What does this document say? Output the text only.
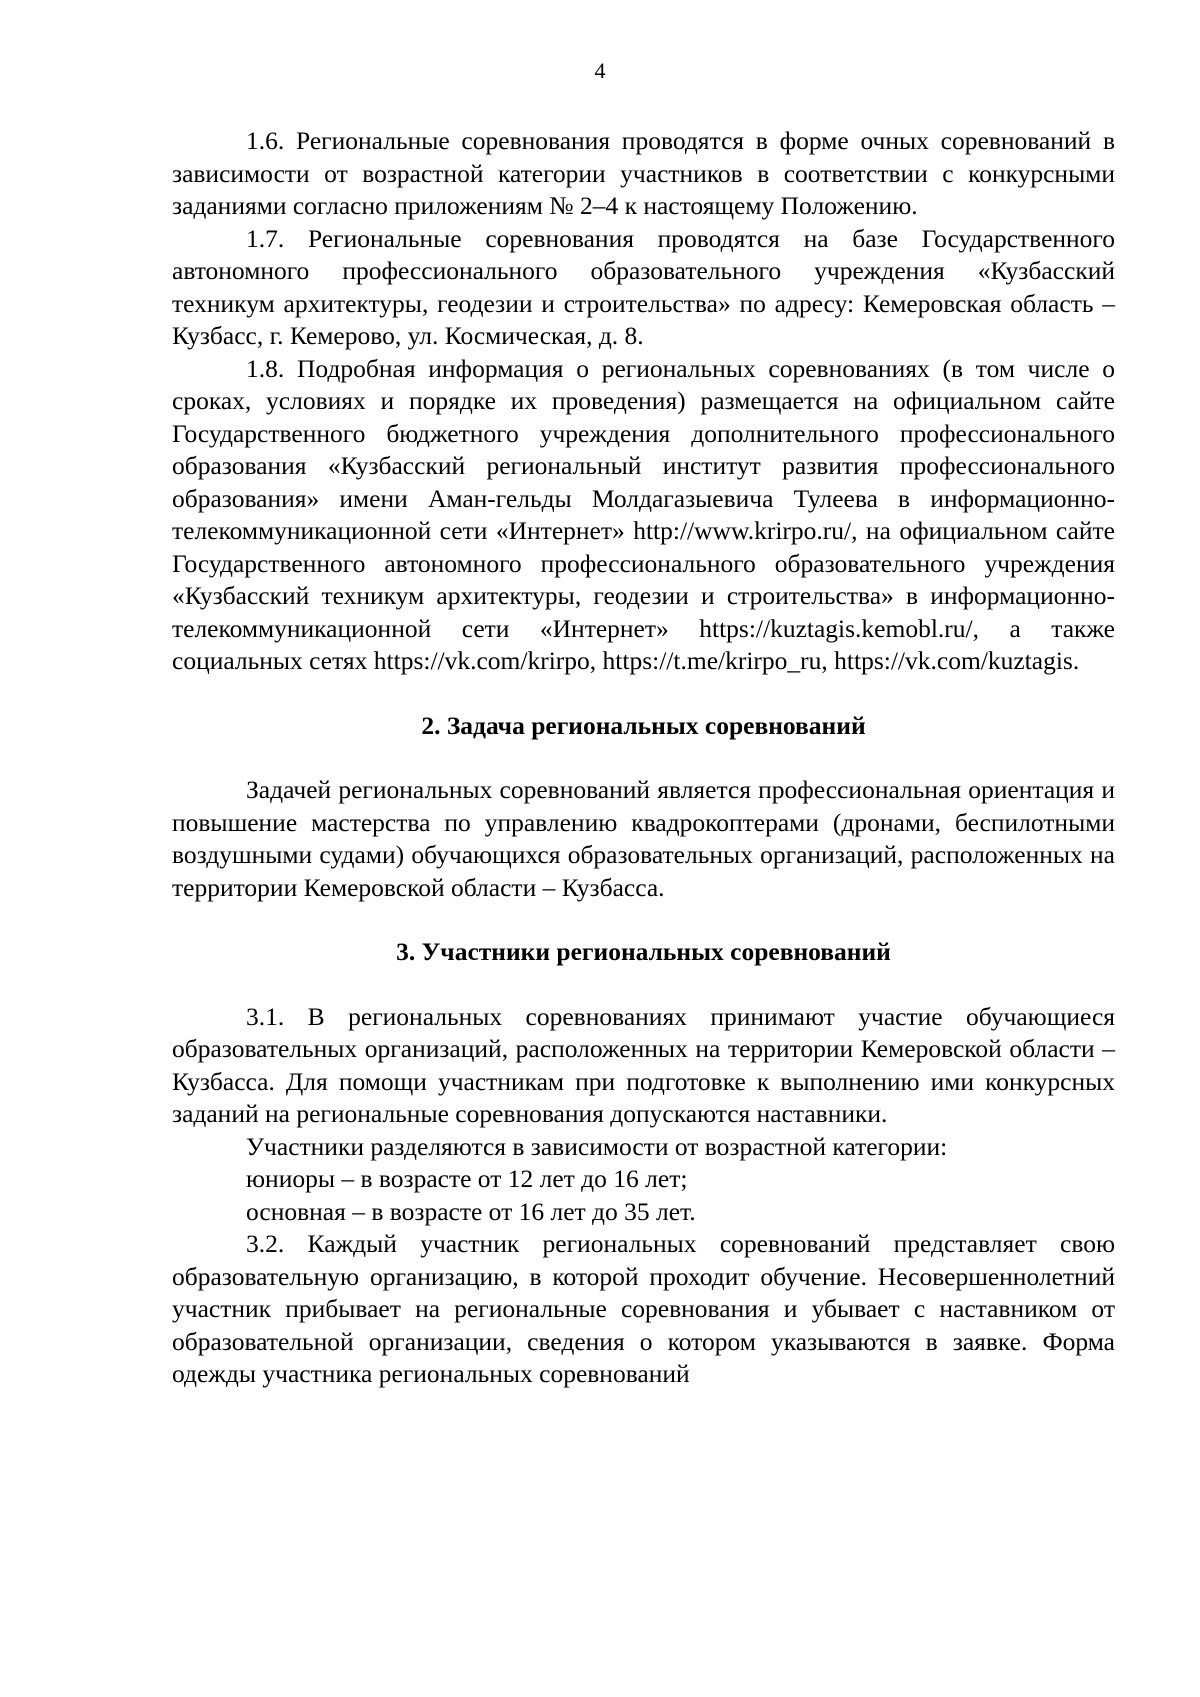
4

1.6. Региональные соревнования проводятся в форме очных соревнований в зависимости от возрастной категории участников в соответствии с конкурсными заданиями согласно приложениям № 2–4 к настоящему Положению.

1.7. Региональные соревнования проводятся на базе Государственного автономного профессионального образовательного учреждения «Кузбасский техникум архитектуры, геодезии и строительства» по адресу: Кемеровская область – Кузбасс, г. Кемерово, ул. Космическая, д. 8.

1.8. Подробная информация о региональных соревнованиях (в том числе о сроках, условиях и порядке их проведения) размещается на официальном сайте Государственного бюджетного учреждения дополнительного профессионального образования «Кузбасский региональный институт развития профессионального образования» имени Аман-гельды Молдагазыевича Тулеева в информационно-телекоммуникационной сети «Интернет» http://www.krirpo.ru/, на официальном сайте Государственного автономного профессионального образовательного учреждения «Кузбасский техникум архитектуры, геодезии и строительства» в информационно-телекоммуникационной сети «Интернет» https://kuztagis.kemobl.ru/, а также социальных сетях https://vk.com/krirpo, https://t.me/krirpo_ru, https://vk.com/kuztagis.

2. Задача региональных соревнований

Задачей региональных соревнований является профессиональная ориентация и повышение мастерства по управлению квадрокоптерами (дронами, беспилотными воздушными судами) обучающихся образовательных организаций, расположенных на территории Кемеровской области – Кузбасса.

3. Участники региональных соревнований

3.1. В региональных соревнованиях принимают участие обучающиеся образовательных организаций, расположенных на территории Кемеровской области – Кузбасса. Для помощи участникам при подготовке к выполнению ими конкурсных заданий на региональные соревнования допускаются наставники.

Участники разделяются в зависимости от возрастной категории:

юниоры – в возрасте от 12 лет до 16 лет;

основная – в возрасте от 16 лет до 35 лет.

3.2. Каждый участник региональных соревнований представляет свою образовательную организацию, в которой проходит обучение. Несовершеннолетний участник прибывает на региональные соревнования и убывает с наставником от образовательной организации, сведения о котором указываются в заявке. Форма одежды участника региональных соревнований
